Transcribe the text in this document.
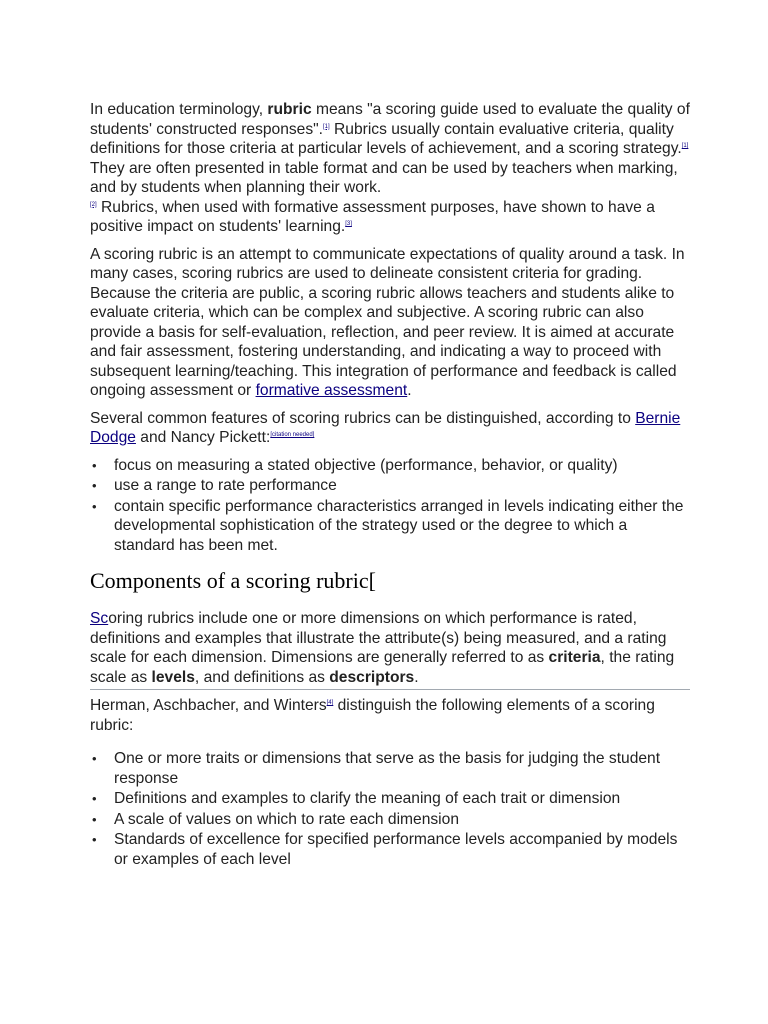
In education terminology, rubric means "a scoring guide used to evaluate the quality of students' constructed responses".[1] Rubrics usually contain evaluative criteria, quality definitions for those criteria at particular levels of achievement, and a scoring strategy.[1] They are often presented in table format and can be used by teachers when marking, and by students when planning their work.
[2] Rubrics, when used with formative assessment purposes, have shown to have a positive impact on students' learning.[3]

A scoring rubric is an attempt to communicate expectations of quality around a task. In many cases, scoring rubrics are used to delineate consistent criteria for grading. Because the criteria are public, a scoring rubric allows teachers and students alike to evaluate criteria, which can be complex and subjective. A scoring rubric can also provide a basis for self-evaluation, reflection, and peer review. It is aimed at accurate and fair assessment, fostering understanding, and indicating a way to proceed with subsequent learning/teaching. This integration of performance and feedback is called ongoing assessment or formative assessment.

Several common features of scoring rubrics can be distinguished, according to Bernie Dodge and Nancy Pickett:[citation needed]

• focus on measuring a stated objective (performance, behavior, or quality)
• use a range to rate performance
• contain specific performance characteristics arranged in levels indicating either the developmental sophistication of the strategy used or the degree to which a standard has been met.
Components of a scoring rubric[

Scoring rubrics include one or more dimensions on which performance is rated, definitions and examples that illustrate the attribute(s) being measured, and a rating scale for each dimension. Dimensions are generally referred to as criteria, the rating scale as levels, and definitions as descriptors.

Herman, Aschbacher, and Winters[4] distinguish the following elements of a scoring rubric:

• One or more traits or dimensions that serve as the basis for judging the student response
• Definitions and examples to clarify the meaning of each trait or dimension
• A scale of values on which to rate each dimension
• Standards of excellence for specified performance levels accompanied by models or examples of each level
